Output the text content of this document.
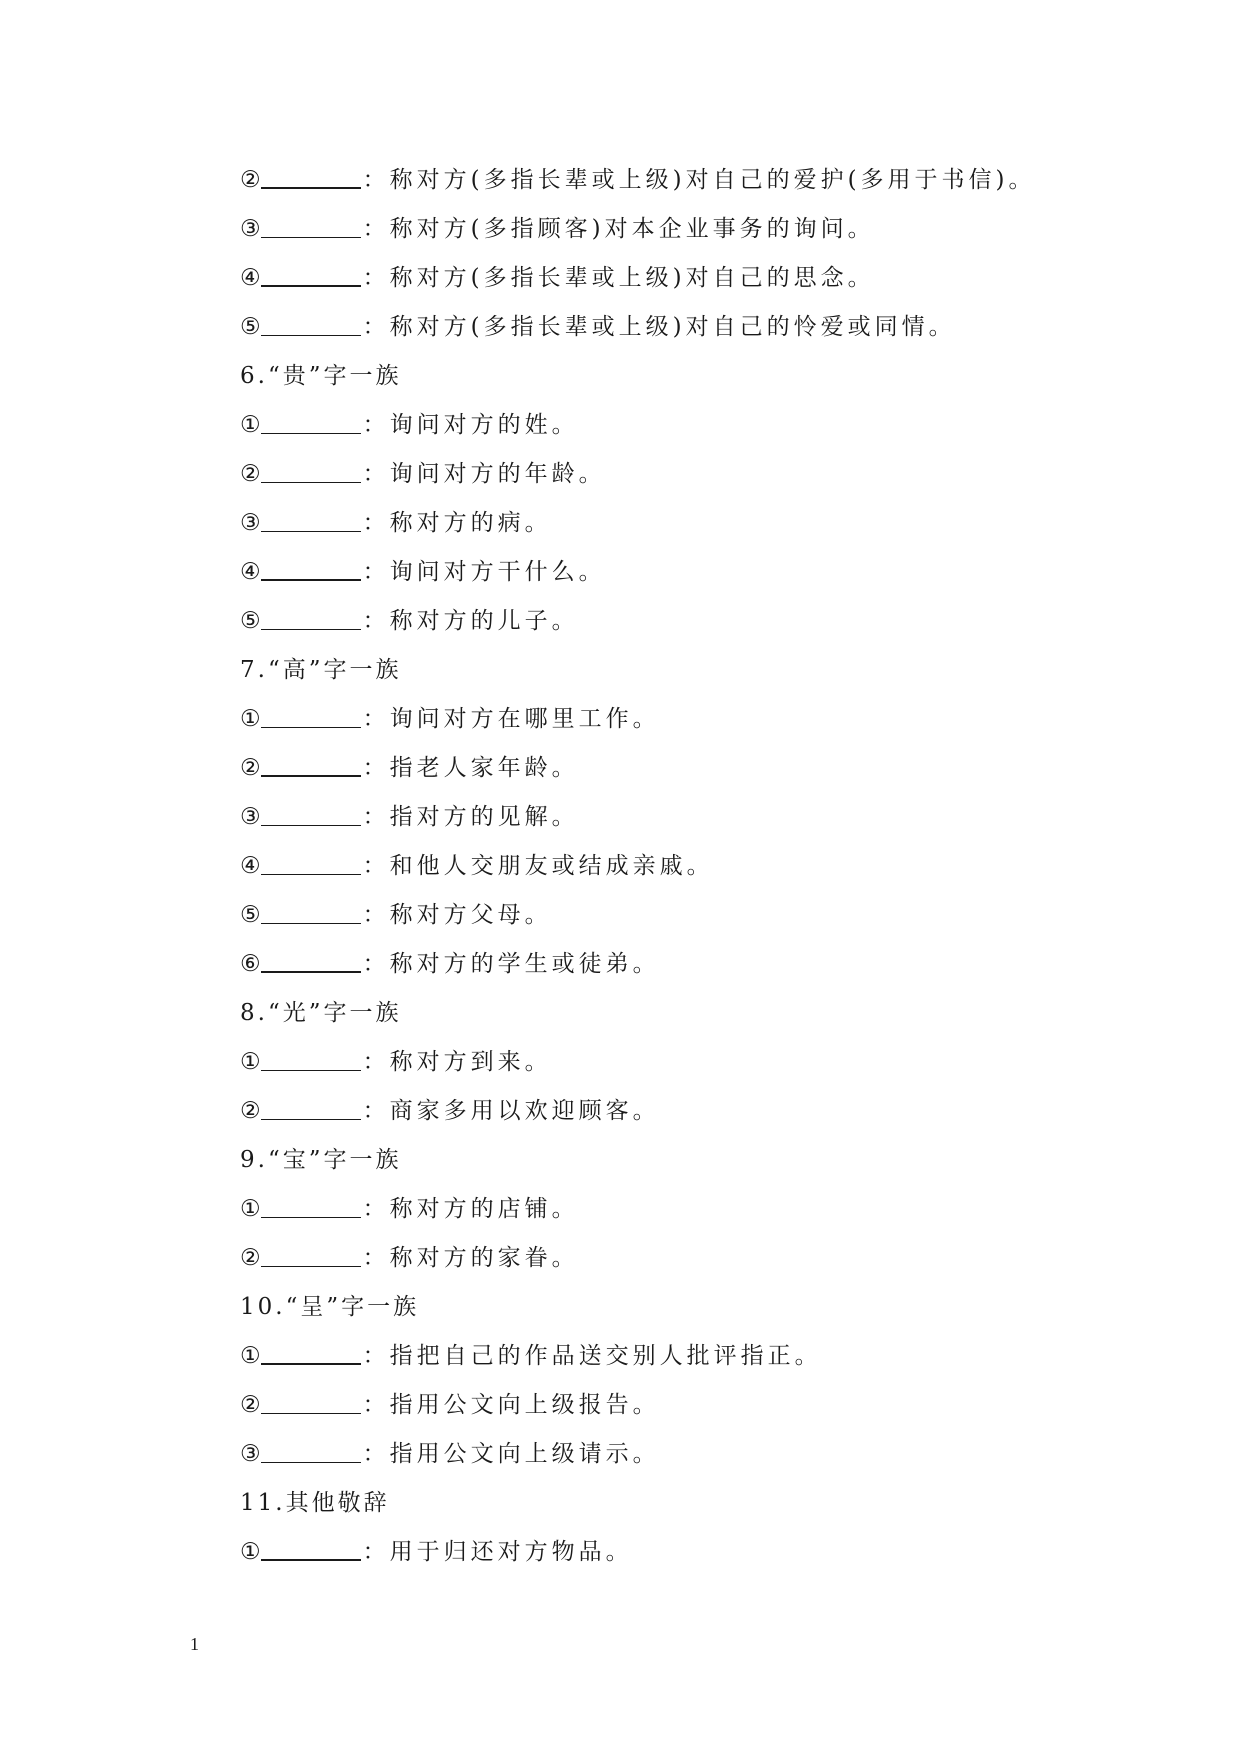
②	：称对方(多指长辈或上级)对自己的爱护(多用于书信)。
③	：称对方(多指顾客)对本企业事务的询问。
④	：称对方(多指长辈或上级)对自己的思念。
⑤	：称对方(多指长辈或上级)对自己的怜爱或同情。
6.“贵”字一族
①	：询问对方的姓。
②	：询问对方的年龄。
③	：称对方的病。
④	：询问对方干什么。
⑤	：称对方的儿子。
7.“高”字一族
①	：询问对方在哪里工作。
②	：指老人家年龄。
③	：指对方的见解。
④	：和他人交朋友或结成亲戚。
⑤	：称对方父母。
⑥	：称对方的学生或徒弟。
8.“光”字一族
①	：称对方到来。
②	：商家多用以欢迎顾客。
9.“宝”字一族
①	：称对方的店铺。
②	：称对方的家眷。
10.“呈”字一族
①	：指把自己的作品送交别人批评指正。
②	：指用公文向上级报告。
③	：指用公文向上级请示。
11.其他敬辞
①	：用于归还对方物品。
1
